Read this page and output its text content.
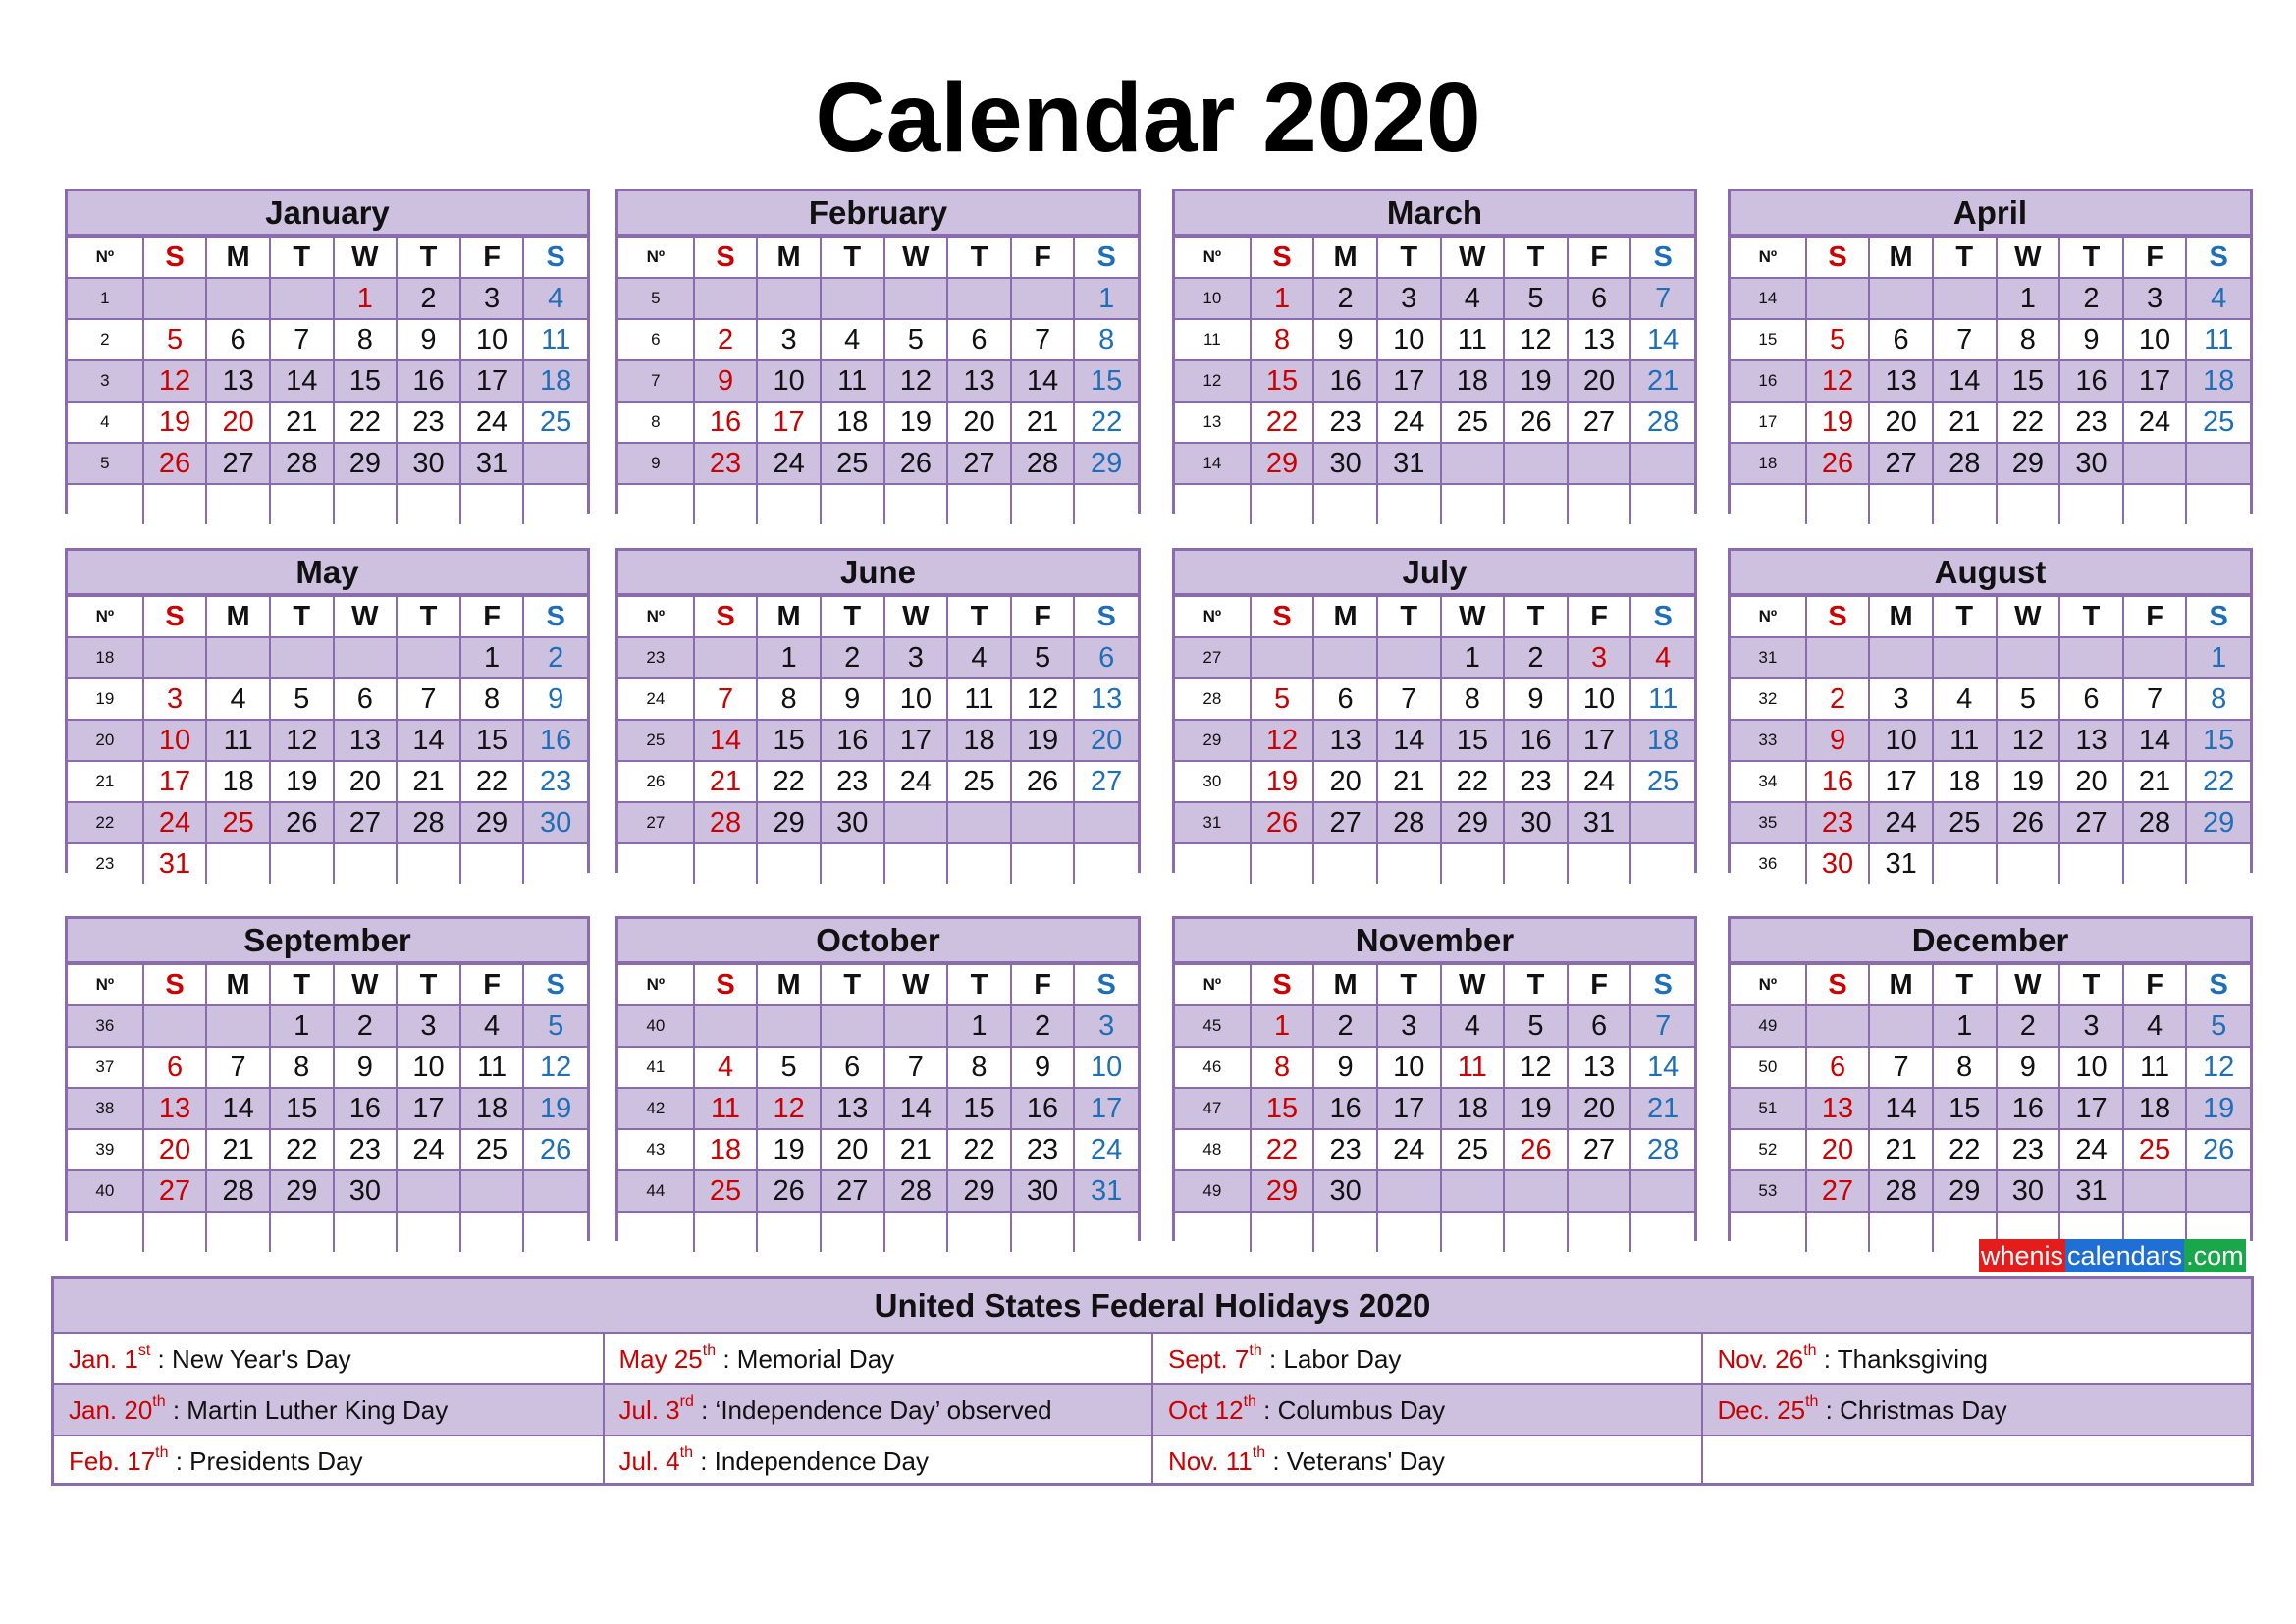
Calendar 2020
January
Nº	S	M	T	W	T	F	S
1				1	2	3	4
2	5	6	7	8	9	10	11
3	12	13	14	15	16	17	18
4	19	20	21	22	23	24	25
5	26	27	28	29	30	31	

February
Nº	S	M	T	W	T	F	S
5							1
6	2	3	4	5	6	7	8
7	9	10	11	12	13	14	15
8	16	17	18	19	20	21	22
9	23	24	25	26	27	28	29

March
Nº	S	M	T	W	T	F	S
10	1	2	3	4	5	6	7
11	8	9	10	11	12	13	14
12	15	16	17	18	19	20	21
13	22	23	24	25	26	27	28
14	29	30	31				

April
Nº	S	M	T	W	T	F	S
14				1	2	3	4
15	5	6	7	8	9	10	11
16	12	13	14	15	16	17	18
17	19	20	21	22	23	24	25
18	26	27	28	29	30		

May
Nº	S	M	T	W	T	F	S
18						1	2
19	3	4	5	6	7	8	9
20	10	11	12	13	14	15	16
21	17	18	19	20	21	22	23
22	24	25	26	27	28	29	30
23	31						
June
Nº	S	M	T	W	T	F	S
23		1	2	3	4	5	6
24	7	8	9	10	11	12	13
25	14	15	16	17	18	19	20
26	21	22	23	24	25	26	27
27	28	29	30				

July
Nº	S	M	T	W	T	F	S
27				1	2	3	4
28	5	6	7	8	9	10	11
29	12	13	14	15	16	17	18
30	19	20	21	22	23	24	25
31	26	27	28	29	30	31	

August
Nº	S	M	T	W	T	F	S
31							1
32	2	3	4	5	6	7	8
33	9	10	11	12	13	14	15
34	16	17	18	19	20	21	22
35	23	24	25	26	27	28	29
36	30	31					
September
Nº	S	M	T	W	T	F	S
36			1	2	3	4	5
37	6	7	8	9	10	11	12
38	13	14	15	16	17	18	19
39	20	21	22	23	24	25	26
40	27	28	29	30			

October
Nº	S	M	T	W	T	F	S
40					1	2	3
41	4	5	6	7	8	9	10
42	11	12	13	14	15	16	17
43	18	19	20	21	22	23	24
44	25	26	27	28	29	30	31

November
Nº	S	M	T	W	T	F	S
45	1	2	3	4	5	6	7
46	8	9	10	11	12	13	14
47	15	16	17	18	19	20	21
48	22	23	24	25	26	27	28
49	29	30					

December
Nº	S	M	T	W	T	F	S
49			1	2	3	4	5
50	6	7	8	9	10	11	12
51	13	14	15	16	17	18	19
52	20	21	22	23	24	25	26
53	27	28	29	30	31		

whenis calendars .com
United States Federal Holidays 2020
Jan. 1st : New Year's Day	May 25th : Memorial Day	Sept. 7th : Labor Day	Nov. 26th : Thanksgiving
Jan. 20th : Martin Luther King Day	Jul. 3rd : ‘Independence Day’ observed	Oct 12th : Columbus Day	Dec. 25th : Christmas Day
Feb. 17th : Presidents Day	Jul. 4th : Independence Day	Nov. 11th : Veterans' Day	
